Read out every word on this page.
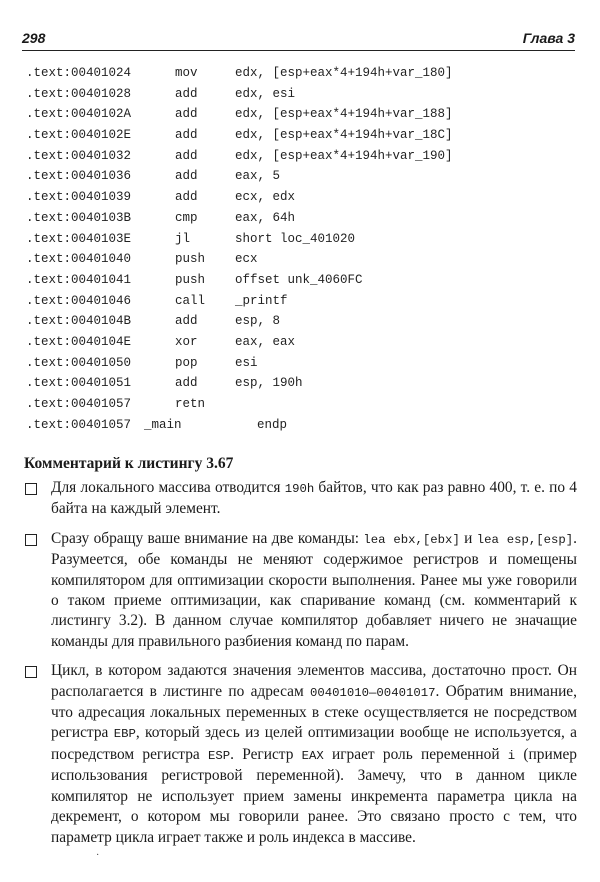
298	Глава 3
.text:00401024	mov	edx, [esp+eax*4+194h+var_180]
.text:00401028	add	edx, esi
.text:0040102A	add	edx, [esp+eax*4+194h+var_188]
.text:0040102E	add	edx, [esp+eax*4+194h+var_18C]
.text:00401032	add	edx, [esp+eax*4+194h+var_190]
.text:00401036	add	eax, 5
.text:00401039	add	ecx, edx
.text:0040103B	cmp	eax, 64h
.text:0040103E	jl	short loc_401020
.text:00401040	push ecx
.text:00401041	push offset unk_4060FC
.text:00401046	call _printf
.text:0040104B	add	esp, 8
.text:0040104E	xor	eax, eax
.text:00401050	pop	esi
.text:00401051	add	esp, 190h
.text:00401057	retn
.text:00401057 _main	endp
Комментарий к листингу 3.67
Для локального массива отводится 190h байтов, что как раз равно 400, т. е. по 4 байта на каждый элемент.
Сразу обращу ваше внимание на две команды: lea ebx,[ebx] и lea esp,[esp]. Разумеется, обе команды не меняют содержимое регистров и помещены компилятором для оптимизации скорости выполнения. Ранее мы уже говорили о таком приеме оптимизации, как спаривание команд (см. комментарий к листингу 3.2). В данном случае компилятор добавляет ничего не значащие команды для правильного разбиения команд по парам.
Цикл, в котором задаются значения элементов массива, достаточно прост. Он располагается в листинге по адресам 00401010—00401017. Обратим внимание, что адресация локальных переменных в стеке осуществляется не посредством регистра EBP, который здесь из целей оптимизации вообще не используется, а посредством регистра ESP. Регистр EAX играет роль переменной i (пример использования регистровой переменной). Замечу, что в данном цикле компилятор не использует прием замены инкремента параметра цикла на декремент, о котором мы говорили ранее. Это связано просто с тем, что параметр цикла играет также и роль индекса в массиве.
·
